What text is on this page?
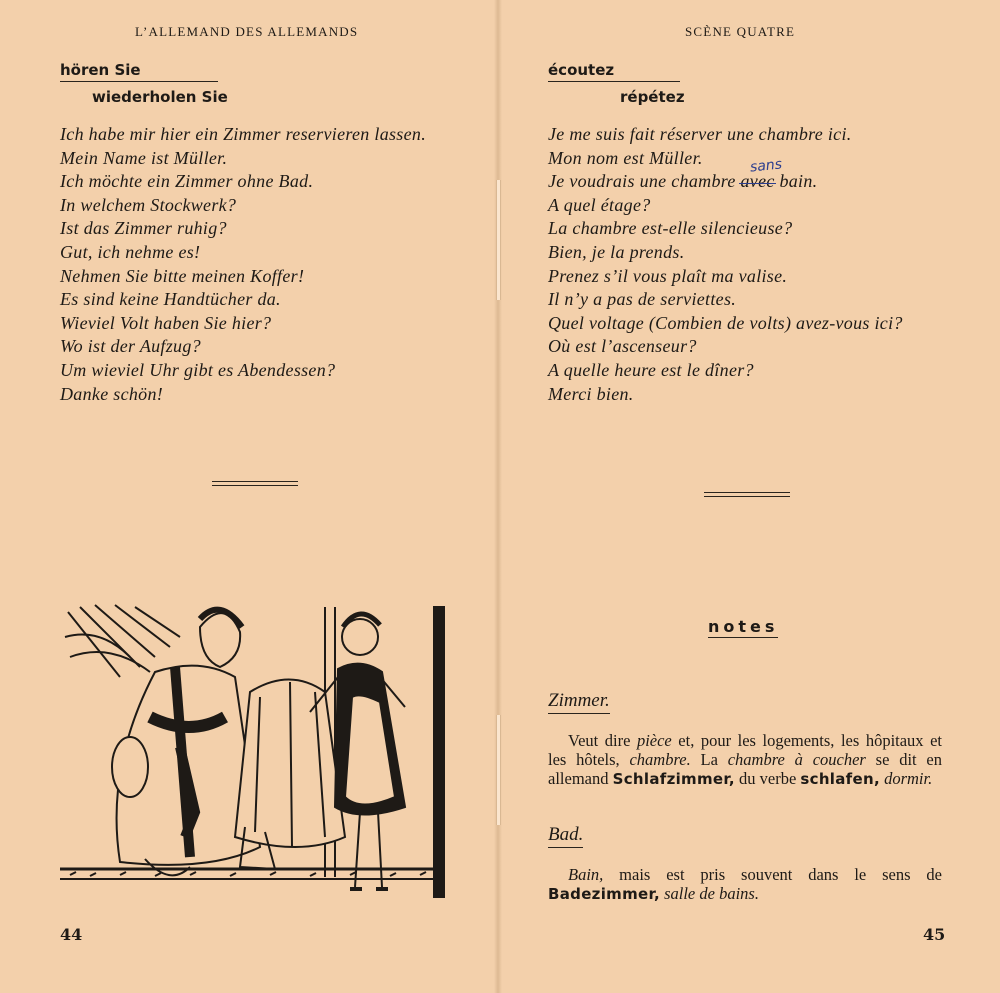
L’ALLEMAND DES ALLEMANDS
hören Sie
wiederholen Sie
Ich habe mir hier ein Zimmer reservieren lassen.
Mein Name ist Müller.
Ich möchte ein Zimmer ohne Bad.
In welchem Stockwerk?
Ist das Zimmer ruhig?
Gut, ich nehme es!
Nehmen Sie bitte meinen Koffer!
Es sind keine Handtücher da.
Wieviel Volt haben Sie hier?
Wo ist der Aufzug?
Um wieviel Uhr gibt es Abendessen?
Danke schön!
44
SCÈNE QUATRE
écoutez
répétez
sans
Je me suis fait réserver une chambre ici.
Mon nom est Müller.
Je voudrais une chambre avec bain.
A quel étage?
La chambre est-elle silencieuse?
Bien, je la prends.
Prenez s’il vous plaît ma valise.
Il n’y a pas de serviettes.
Quel voltage (Combien de volts) avez-vous ici?
Où est l’ascenseur?
A quelle heure est le dîner?
Merci bien.
notes
Zimmer.

Veut dire pièce et, pour les logements, les hôpitaux et les hôtels, chambre. La chambre à coucher se dit en allemand Schlafzimmer, du verbe schlafen, dormir.

Bad.

Bain, mais est pris souvent dans le sens de Badezimmer, salle de bains.

45
